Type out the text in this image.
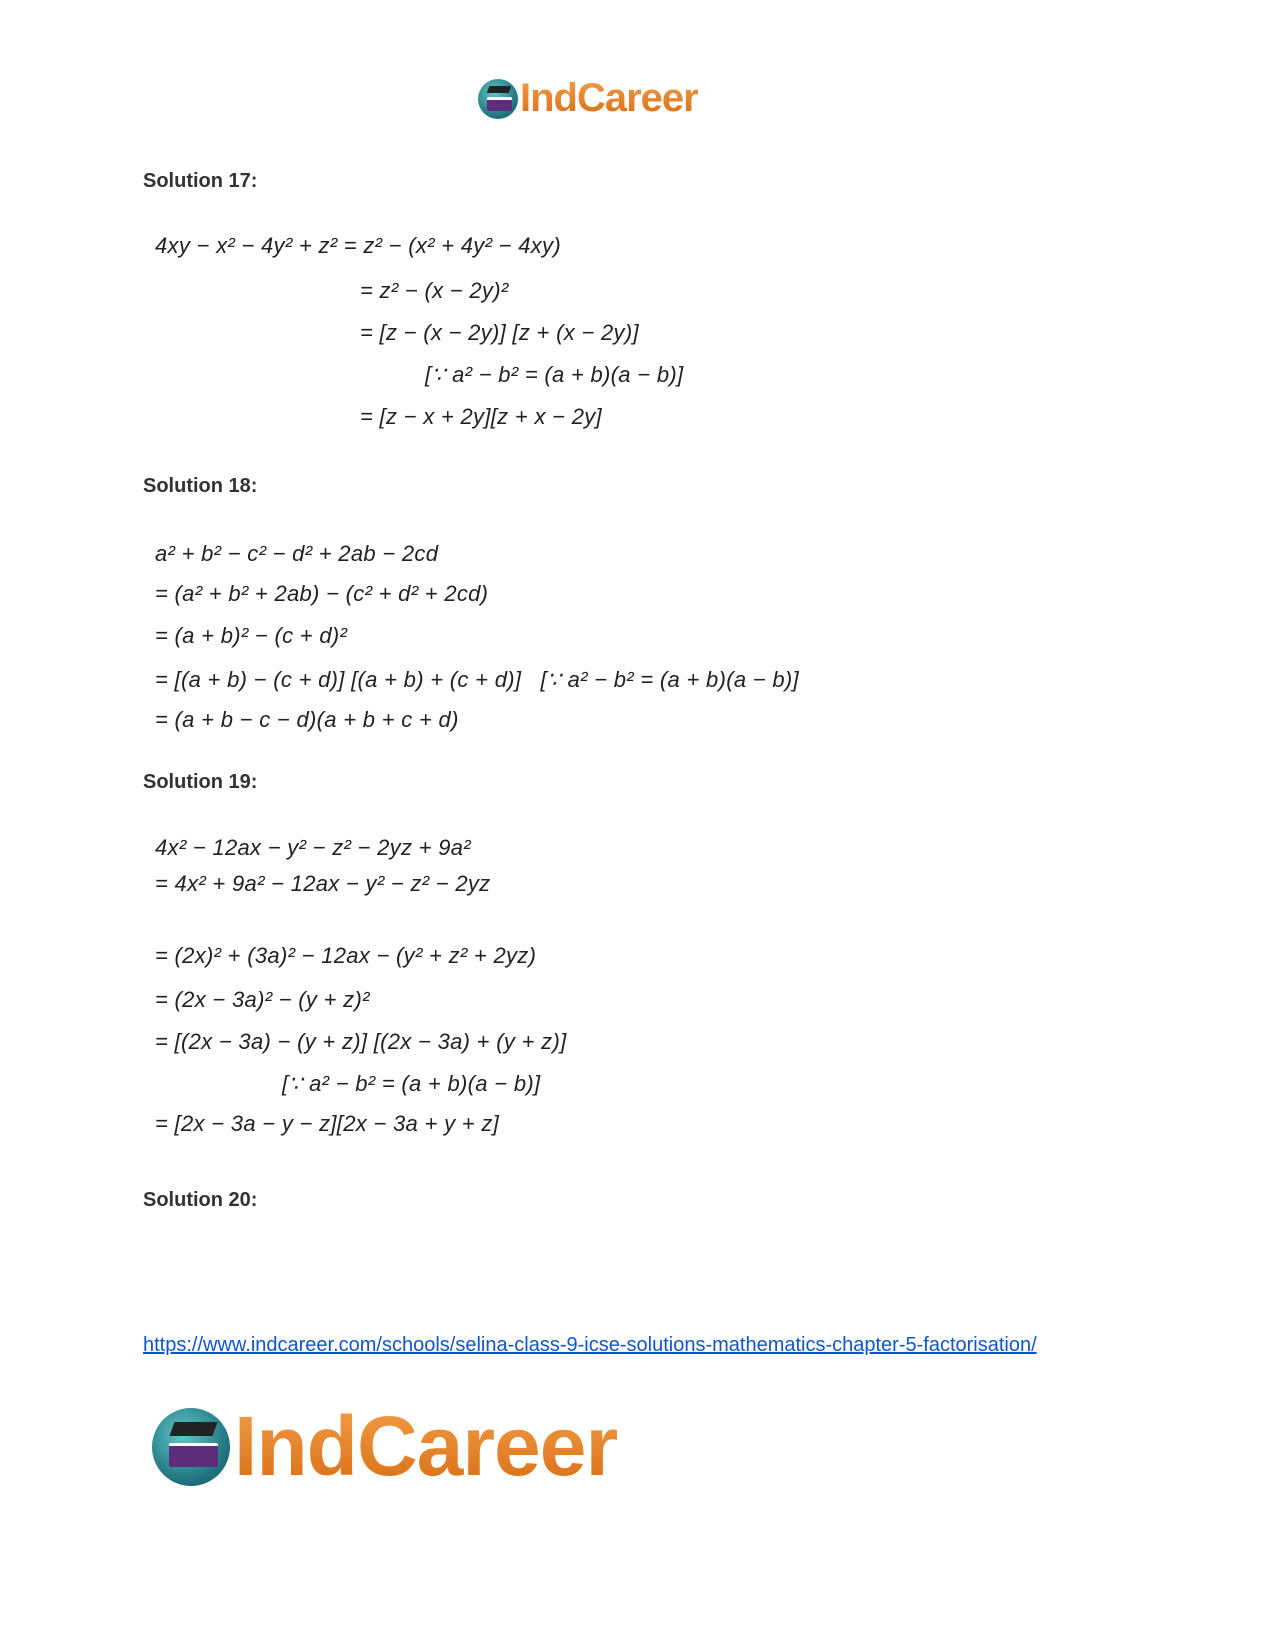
IndCareer
Solution 17:
4xy − x² − 4y² + z² = z² − (x² + 4y² − 4xy)
= z² − (x − 2y)²
= [z − (x − 2y)] [z + (x − 2y)]
[∵ a² − b² = (a + b)(a − b)]
= [z − x + 2y][z + x − 2y]
Solution 18:
a² + b² − c² − d² + 2ab − 2cd
= (a² + b² + 2ab) − (c² + d² + 2cd)
= (a + b)² − (c + d)²
= [(a + b) − (c + d)] [(a + b) + (c + d)]   [∵ a² − b² = (a + b)(a − b)]
= (a + b − c − d)(a + b + c + d)
Solution 19:
4x² − 12ax − y² − z² − 2yz + 9a²
= 4x² + 9a² − 12ax − y² − z² − 2yz
= (2x)² + (3a)² − 12ax − (y² + z² + 2yz)
= (2x − 3a)² − (y + z)²
= [(2x − 3a) − (y + z)] [(2x − 3a) + (y + z)]
[∵ a² − b² = (a + b)(a − b)]
= [2x − 3a − y − z][2x − 3a + y + z]
Solution 20:
https://www.indcareer.com/schools/selina-class-9-icse-solutions-mathematics-chapter-5-factorisation/
IndCareer
